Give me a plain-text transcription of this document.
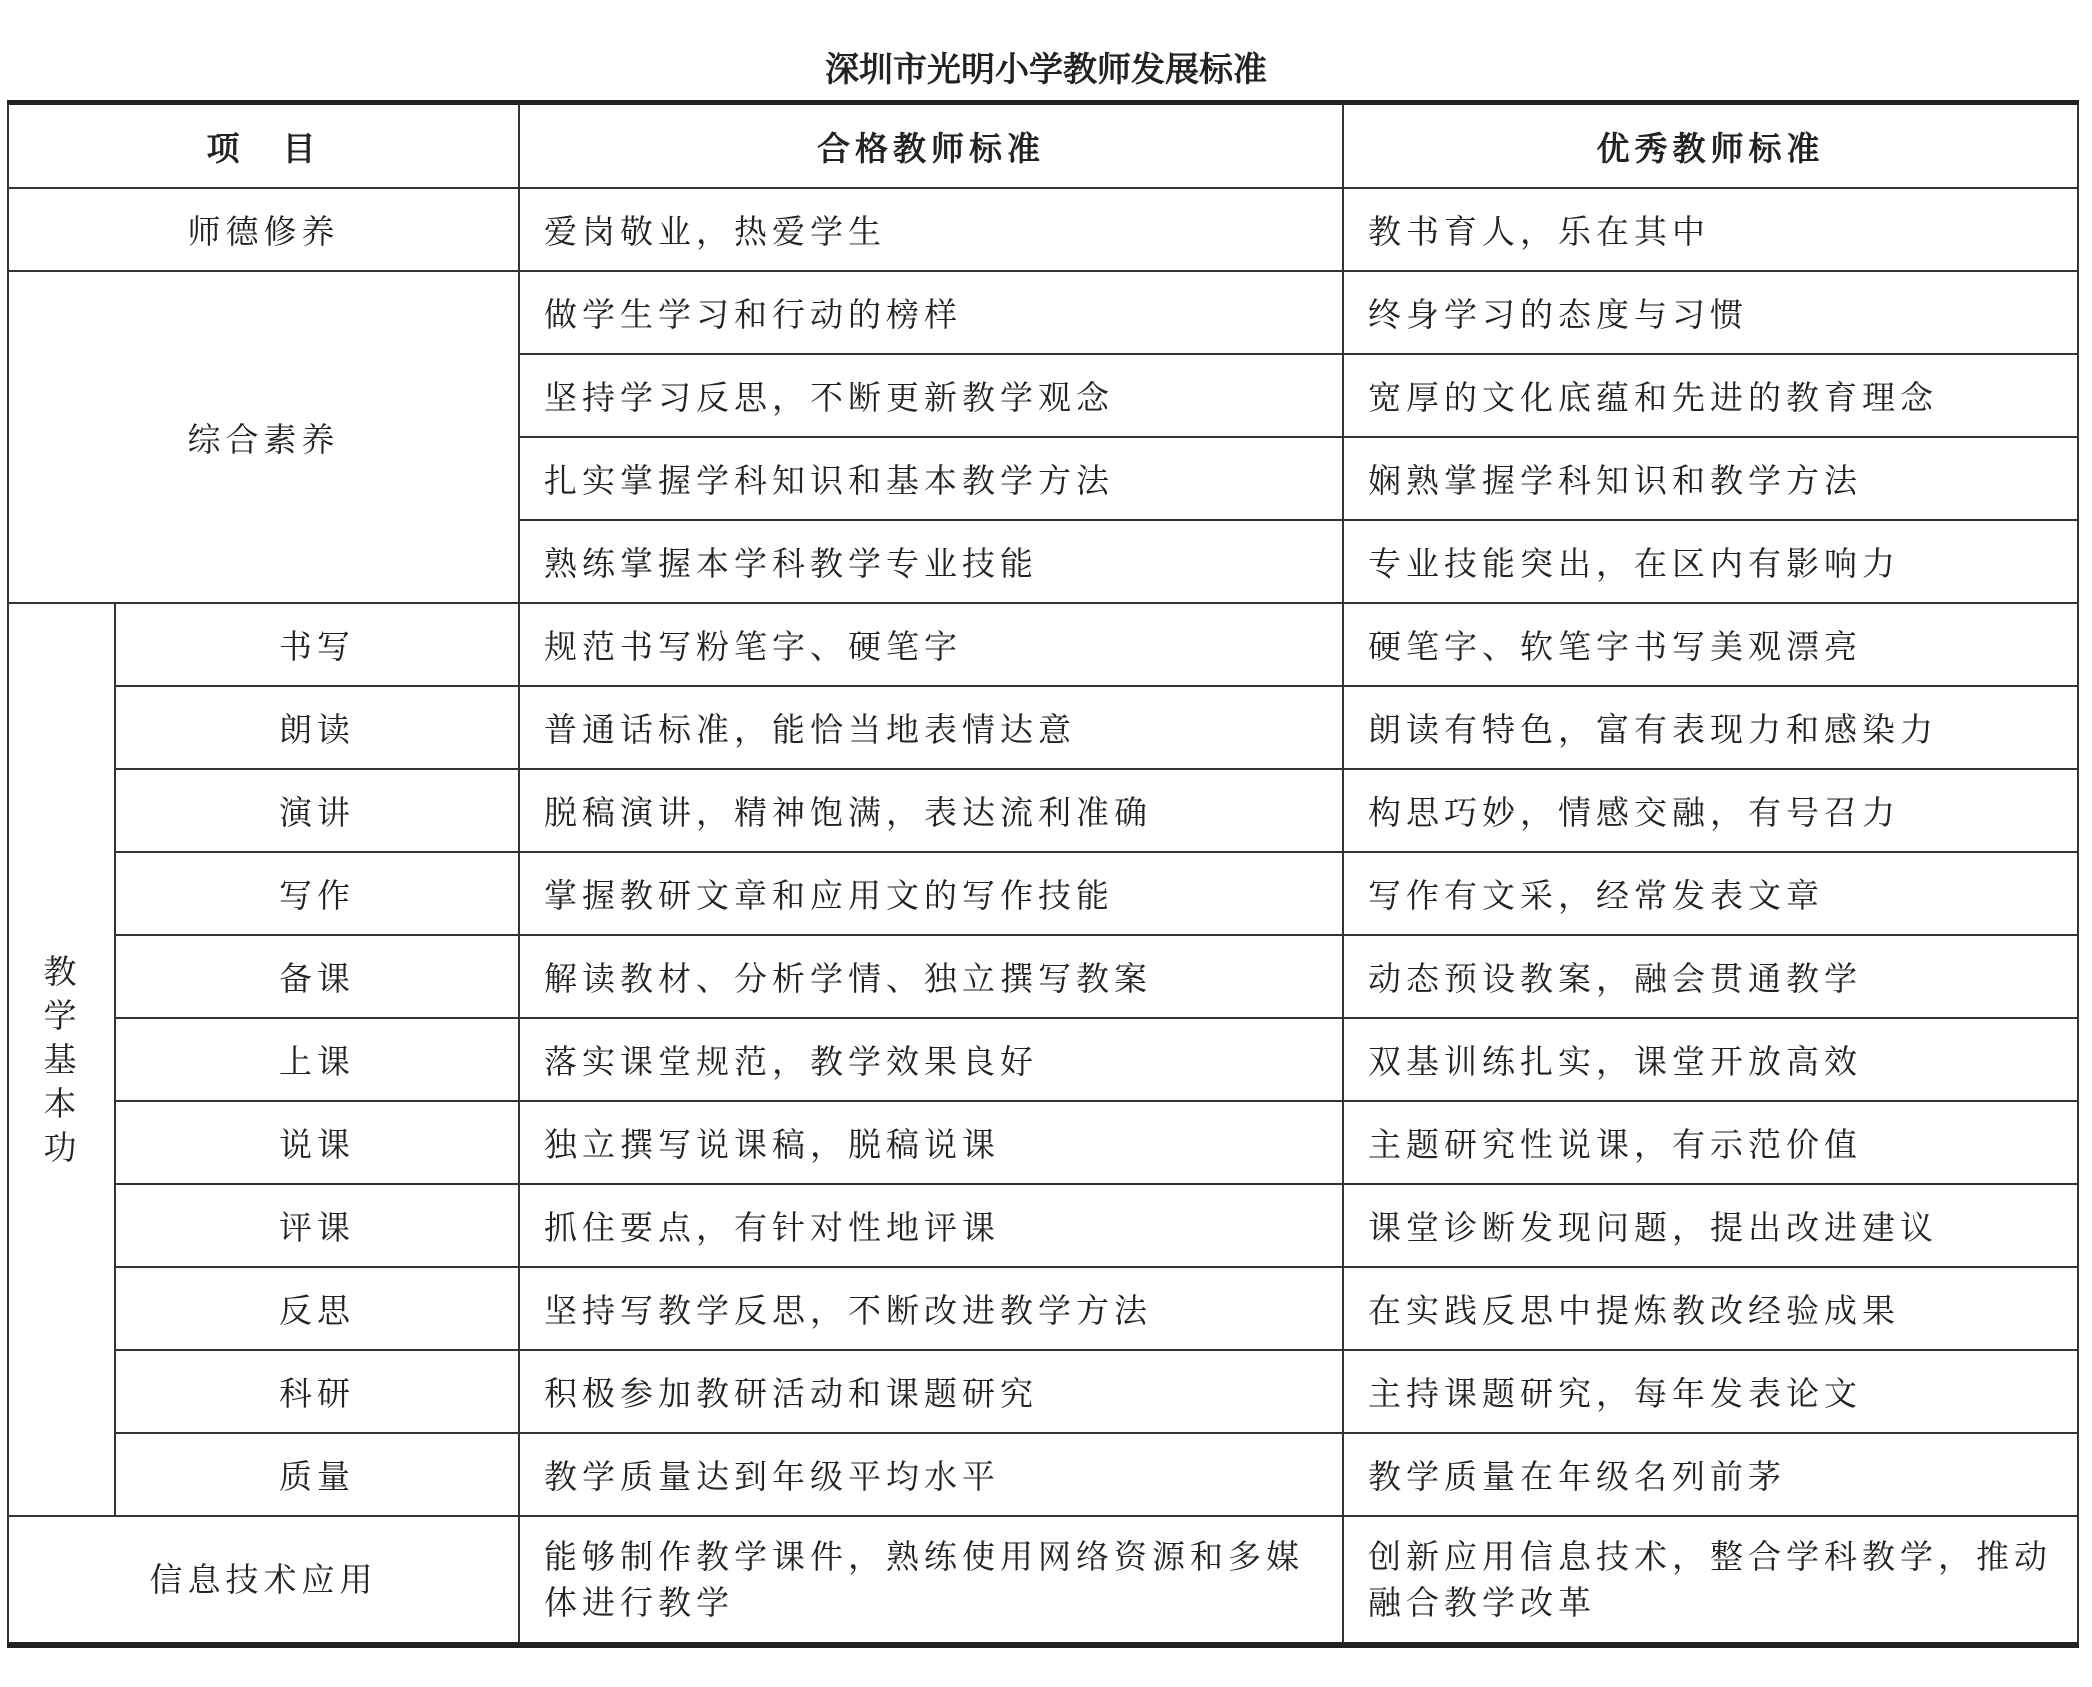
深圳市光明小学教师发展标准
项　目		合格教师标准	优秀教师标准
师德修养		爱岗敬业，热爱学生	教书育人，乐在其中
综合素养		做学生学习和行动的榜样	终身学习的态度与习惯
		坚持学习反思，不断更新教学观念	宽厚的文化底蕴和先进的教育理念
		扎实掌握学科知识和基本教学方法	娴熟掌握学科知识和教学方法
		熟练掌握本学科教学专业技能	专业技能突出，在区内有影响力
教学基本功	书写	规范书写粉笔字、硬笔字	硬笔字、软笔字书写美观漂亮
	朗读	普通话标准，能恰当地表情达意	朗读有特色，富有表现力和感染力
	演讲	脱稿演讲，精神饱满，表达流利准确	构思巧妙，情感交融，有号召力
	写作	掌握教研文章和应用文的写作技能	写作有文采，经常发表文章
	备课	解读教材、分析学情、独立撰写教案	动态预设教案，融会贯通教学
	上课	落实课堂规范，教学效果良好	双基训练扎实，课堂开放高效
	说课	独立撰写说课稿，脱稿说课	主题研究性说课，有示范价值
	评课	抓住要点，有针对性地评课	课堂诊断发现问题，提出改进建议
	反思	坚持写教学反思，不断改进教学方法	在实践反思中提炼教改经验成果
	科研	积极参加教研活动和课题研究	主持课题研究，每年发表论文
	质量	教学质量达到年级平均水平	教学质量在年级名列前茅
信息技术应用		能够制作教学课件，熟练使用网络资源和多媒体进行教学	创新应用信息技术，整合学科教学，推动融合教学改革
